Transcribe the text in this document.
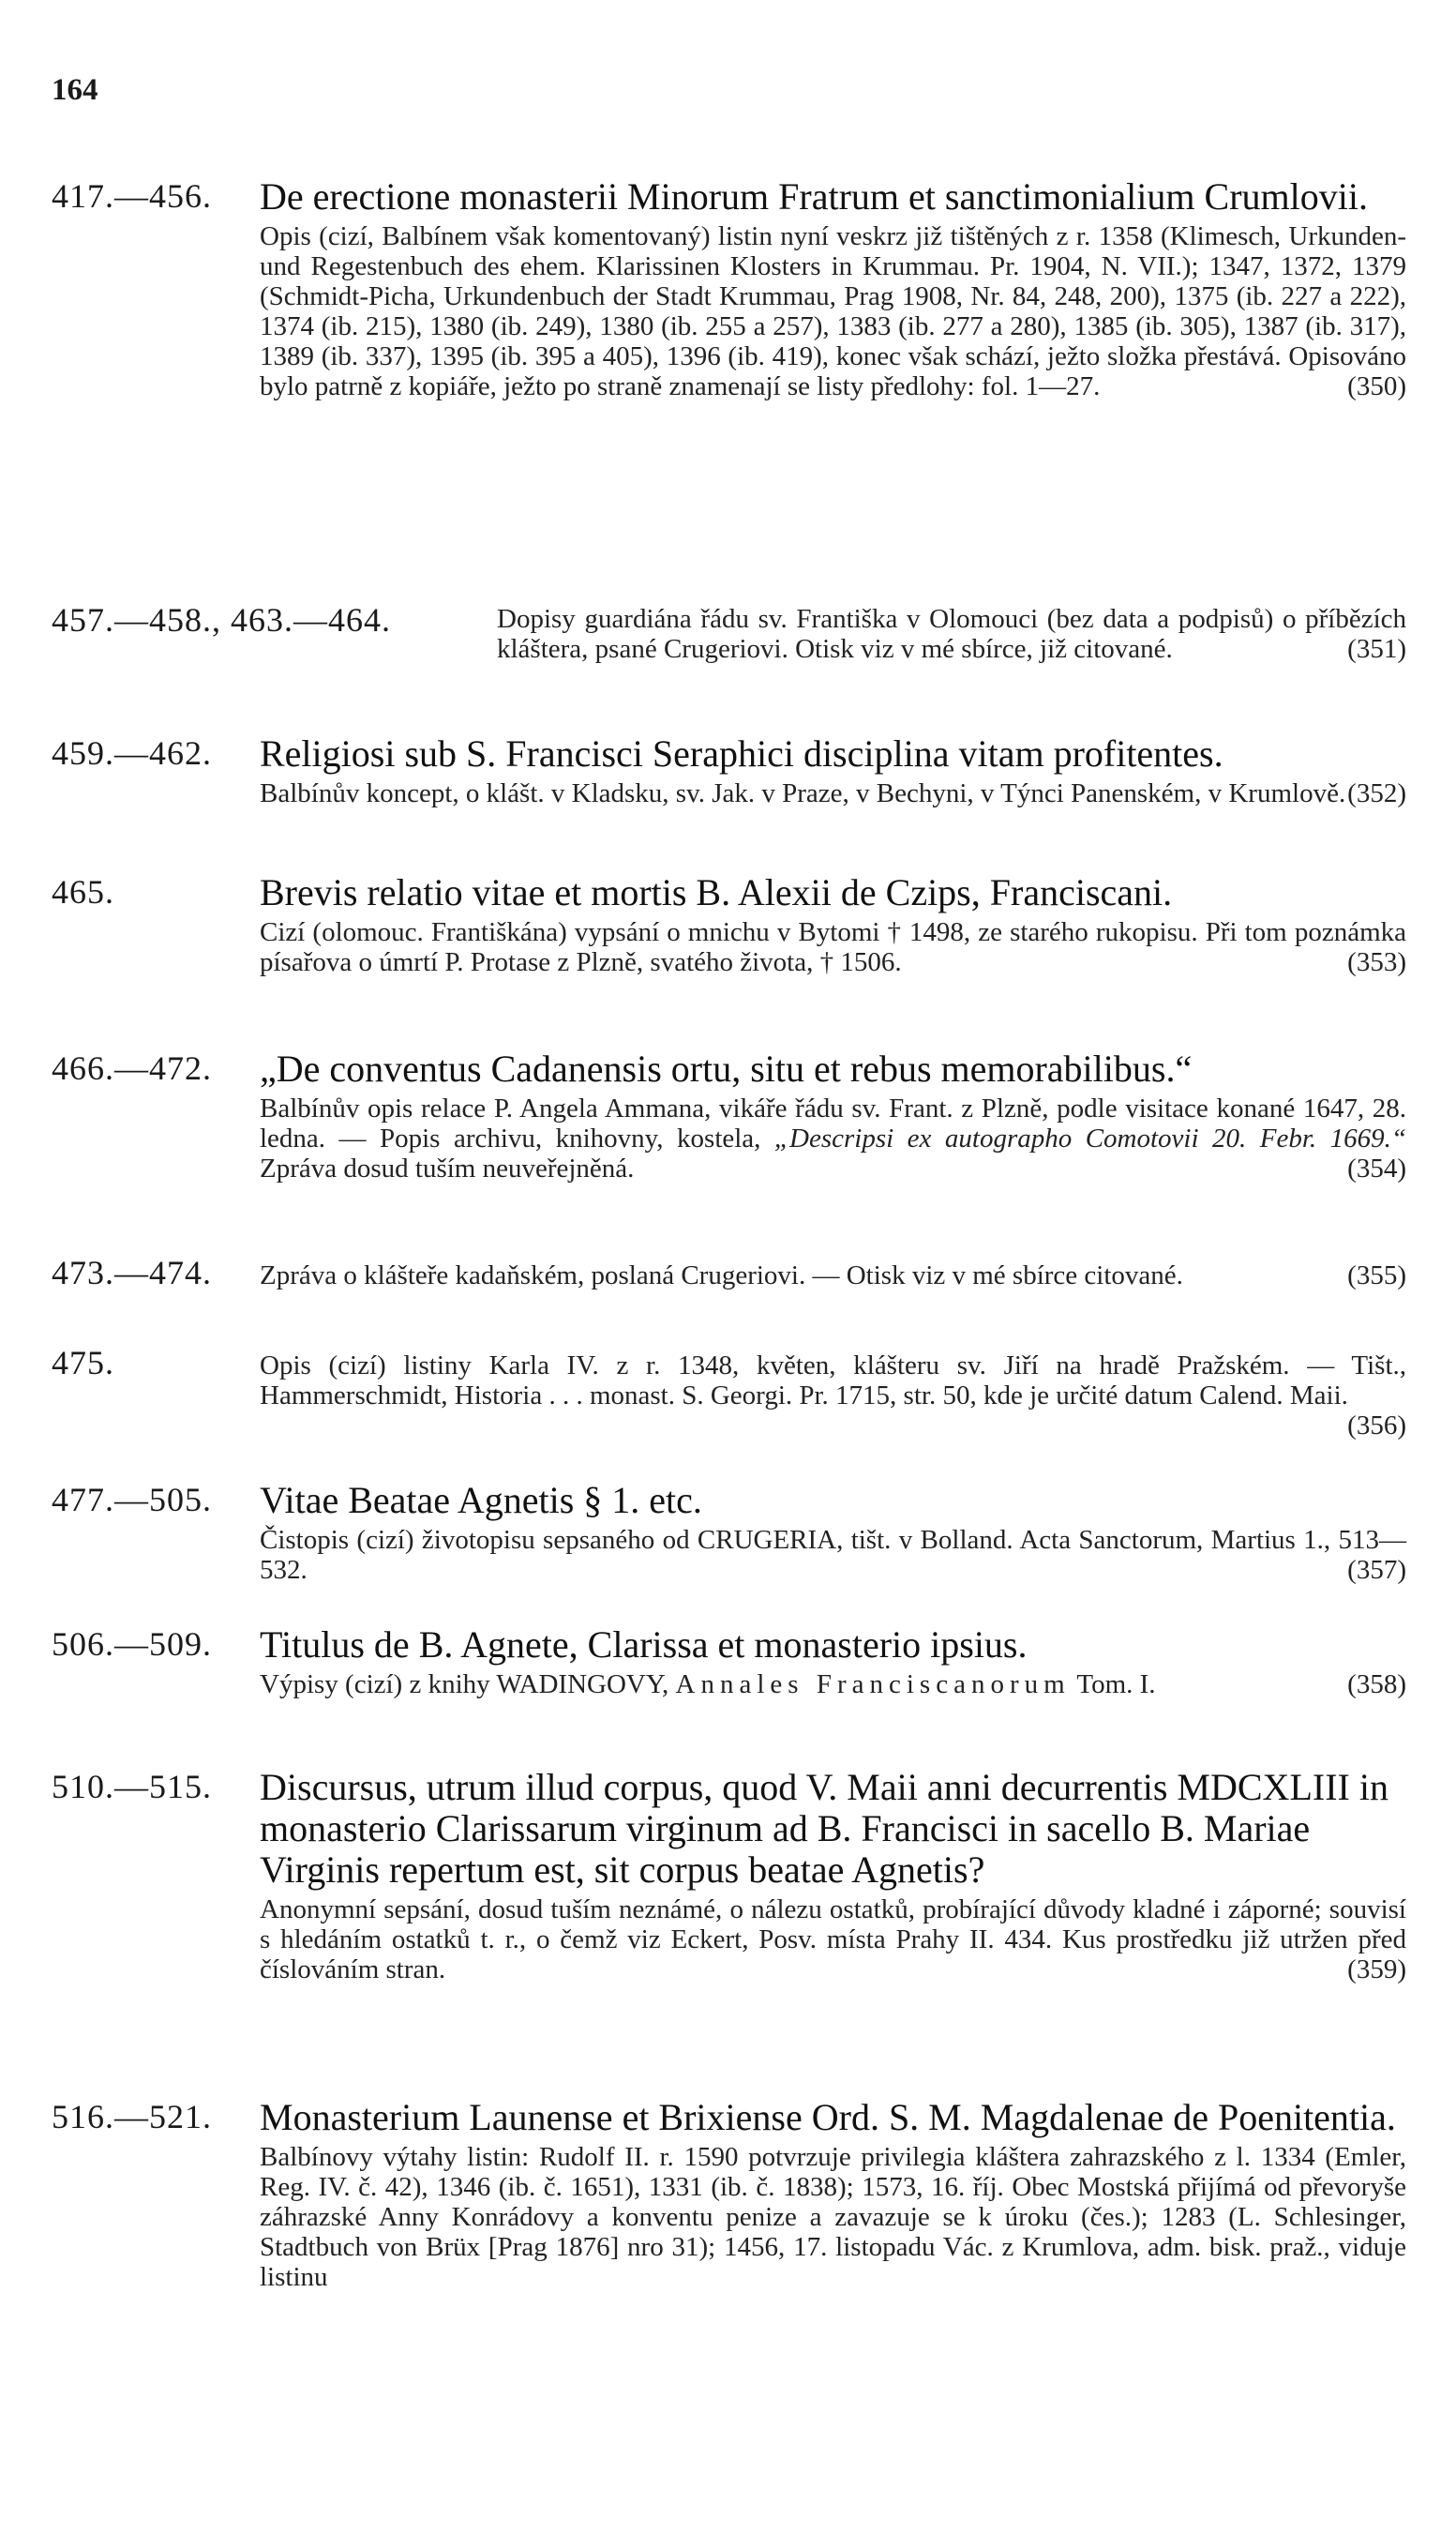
164
417.—456. De erectione monasterii Minorum Fratrum et sanctimonialium Crumlovii.
Opis (cizí, Balbínem však komentovaný) listin nyní veskrz již tištěných z r. 1358 (Klimesch, Urkunden- und Regestenbuch des ehem. Klarissinen Klosters in Krummau. Pr. 1904, N. VII.); 1347, 1372, 1379 (Schmidt-Picha, Urkundenbuch der Stadt Krummau, Prag 1908, Nr. 84, 248, 200), 1375 (ib. 227 a 222), 1374 (ib. 215), 1380 (ib. 249), 1380 (ib. 255 a 257), 1383 (ib. 277 a 280), 1385 (ib. 305), 1387 (ib. 317), 1389 (ib. 337), 1395 (ib. 395 a 405), 1396 (ib. 419), konec však schází, ježto složka přestává. Opisováno bylo patrně z kopiáře, ježto po straně znamenají se listy předlohy: fol. 1—27.	(350)
457.—458., 463.—464.	Dopisy guardiána řádu sv. Františka v Olomouci (bez data a podpisů) o příbězích kláštera, psané Crugeriovi. Otisk viz v mé sbírce, již citované.	(351)
459.—462. Religiosi sub S. Francisci Seraphici disciplina vitam profitentes.
Balbínův koncept, o klášt. v Kladsku, sv. Jak. v Praze, v Bechyni, v Týnci Panenském, v Krumlově. (352)
465.	Brevis relatio vitae et mortis B. Alexii de Czips, Franciscani.
Cizí (olomouc. Františkána) vypsání o mnichu v Bytomi † 1498, ze starého rukopisu. Při tom poznámka písařova o úmrtí P. Protase z Plzně, svatého života, † 1506.	(353)
466.—472. „De conventus Cadanensis ortu, situ et rebus memorabilibus.“
Balbínův opis relace P. Angela Ammana, vikáře řádu sv. Frant. z Plzně, podle visitace konané 1647, 28. ledna. — Popis archivu, knihovny, kostela, „Descripsi ex autographo Comotovii 20. Febr. 1669.“ Zpráva dosud tuším neuveřejněná.	(354)
473.—474. Zpráva o klášteře kadaňském, poslaná Crugeriovi. — Otisk viz v mé sbírce citované.	(355)
475.	Opis (cizí) listiny Karla IV. z r. 1348, květen, klášteru sv. Jiří na hradě Pražském. — Tišt., Hammerschmidt, Historia . . . monast. S. Georgi. Pr. 1715, str. 50, kde je určité datum Calend. Maii.
(356)
477.—505. Vitae Beatae Agnetis § 1. etc.
Čistopis (cizí) životopisu sepsaného od CRUGERIA, tišt. v Bolland. Acta Sanctorum, Martius 1., 513—532.	(357)
506.—509. Titulus de B. Agnete, Clarissa et monasterio ipsius.
Výpisy (cizí) z knihy WADINGOVY, Annales Franciscanorum Tom. I.	(358)
510.—515. Discursus, utrum illud corpus, quod V. Maii anni decurrentis MDCXLIII in monasterio Clarissarum virginum ad B. Francisci in sacello B. Mariae Virginis repertum est, sit corpus beatae Agnetis?
Anonymní sepsání, dosud tuším neznámé, o nálezu ostatků, probírající důvody kladné i záporné; souvisí s hledáním ostatků t. r., o čemž viz Eckert, Posv. místa Prahy II. 434. Kus prostředku již utržen před číslováním stran.	(359)
516.—521. Monasterium Launense et Brixiense Ord. S. M. Magdalenae de Poenitentia.
Balbínovy výtahy listin: Rudolf II. r. 1590 potvrzuje privilegia kláštera zahrazského z l. 1334 (Emler, Reg. IV. č. 42), 1346 (ib. č. 1651), 1331 (ib. č. 1838); 1573, 16. říj. Obec Mostská přijímá od převoryše záhrazské Anny Konrádovy a konventu penize a zavazuje se k úroku (čes.); 1283 (L. Schlesinger, Stadtbuch von Brüx [Prag 1876] nro 31); 1456, 17. listopadu Vác. z Krumlova, adm. bisk. praž., viduje listinu
